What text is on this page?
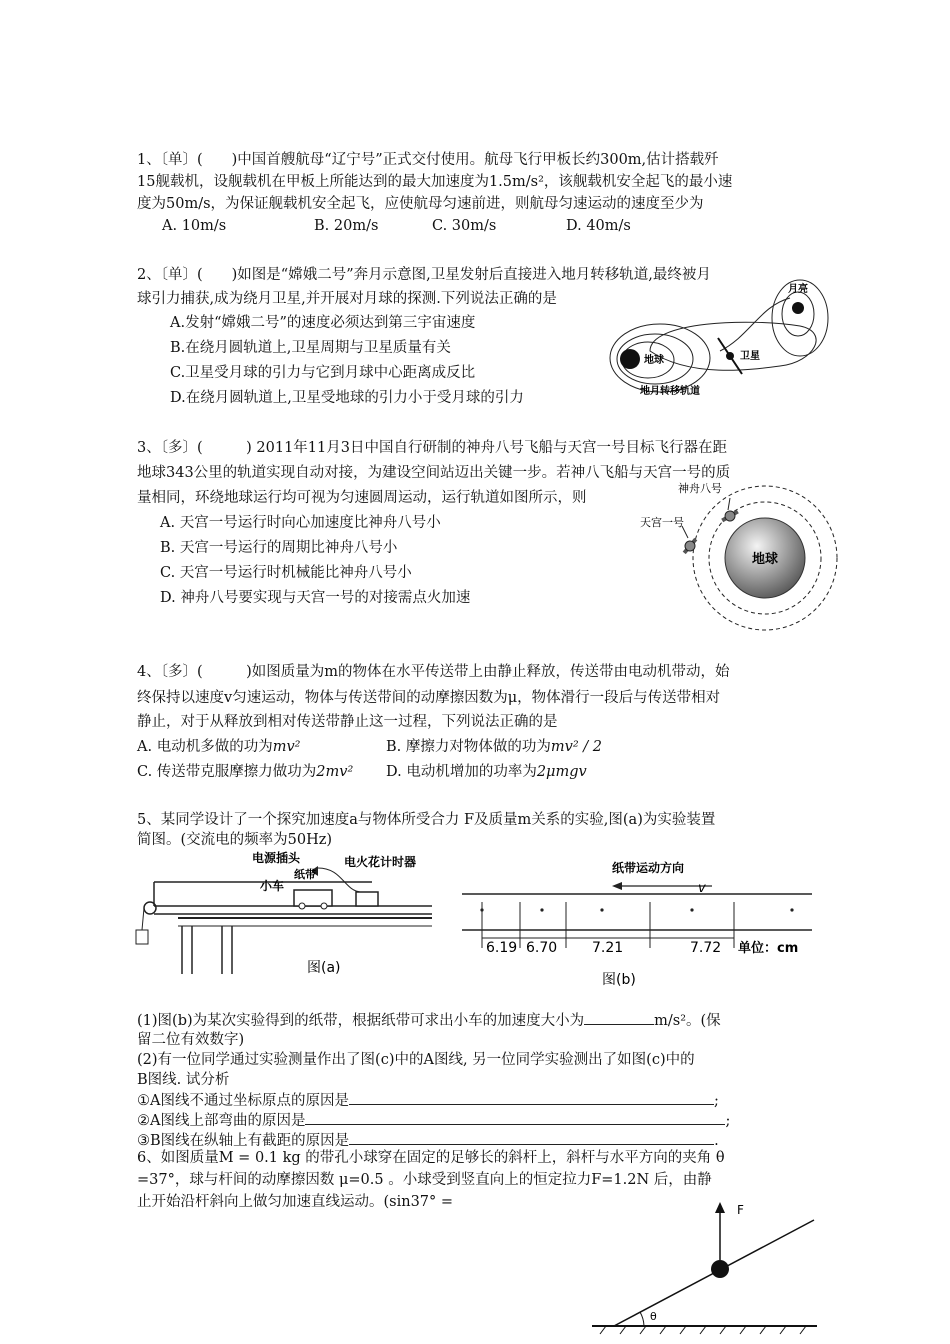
1、〔单〕(　　)中国首艘航母“辽宁号”正式交付使用。航母飞行甲板长约300m,估计搭载歼
15舰载机，设舰载机在甲板上所能达到的最大加速度为1.5m/s²，该舰载机安全起飞的最小速
度为50m/s，为保证舰载机安全起飞，应使航母匀速前进，则航母匀速运动的速度至少为
A. 10m/s	B. 20m/s	C. 30m/s	D. 40m/s
2、〔单〕(　　)如图是“嫦娥二号”奔月示意图,卫星发射后直接进入地月转移轨道,最终被月
球引力捕获,成为绕月卫星,并开展对月球的探测.下列说法正确的是
A.发射“嫦娥二号”的速度必须达到第三宇宙速度
B.在绕月圆轨道上,卫星周期与卫星质量有关
C.卫星受月球的引力与它到月球中心距离成反比
D.在绕月圆轨道上,卫星受地球的引力小于受月球的引力
月亮
地球	卫星
地月转移轨道
3、〔多〕(　　　) 2011年11月3日中国自行研制的神舟八号飞船与天宫一号目标飞行器在距
地球343公里的轨道实现自动对接，为建设空间站迈出关键一步。若神八飞船与天宫一号的质
量相同，环绕地球运行均可视为匀速圆周运动，运行轨道如图所示，则
A. 天宫一号运行时向心加速度比神舟八号小
B. 天宫一号运行的周期比神舟八号小
C. 天宫一号运行时机械能比神舟八号小
D. 神舟八号要实现与天宫一号的对接需点火加速
地球
神舟八号
天宫一号
4、〔多〕(　　　)如图质量为m的物体在水平传送带上由静止释放，传送带由电动机带动，始
终保持以速度v匀速运动，物体与传送带间的动摩擦因数为μ，物体滑行一段后与传送带相对
静止，对于从释放到相对传送带静止这一过程，下列说法正确的是
A. 电动机多做的功为mv²	B. 摩擦力对物体做的功为mv² / 2
C. 传送带克服摩擦力做功为2mv² D. 电动机增加的功率为2μmgv
5、某同学设计了一个探究加速度a与物体所受合力 F及质量m关系的实验,图(a)为实验装置
简图。(交流电的频率为50Hz)
电源插头	电火花计时器
纸带
小车
图(a)
纸带运动方向
v
6.19 6.70 7.21	7.72 单位：cm
图(b)
(1)图(b)为某次实验得到的纸带，根据纸带可求出小车的加速度大小为	m/s²。(保
留二位有效数字)
(2)有一位同学通过实验测量作出了图(c)中的A图线, 另一位同学实验测出了如图(c)中的
B图线. 试分析
①A图线不通过坐标原点的原因是	;
②A图线上部弯曲的原因是	;
③B图线在纵轴上有截距的原因是	.
6、如图质量M = 0.1 kg 的带孔小球穿在固定的足够长的斜杆上，斜杆与水平方向的夹角 θ
=37°，球与杆间的动摩擦因数 μ=0.5 。小球受到竖直向上的恒定拉力F=1.2N 后，由静
止开始沿杆斜向上做匀加速直线运动。(sin37° =
θ
F
